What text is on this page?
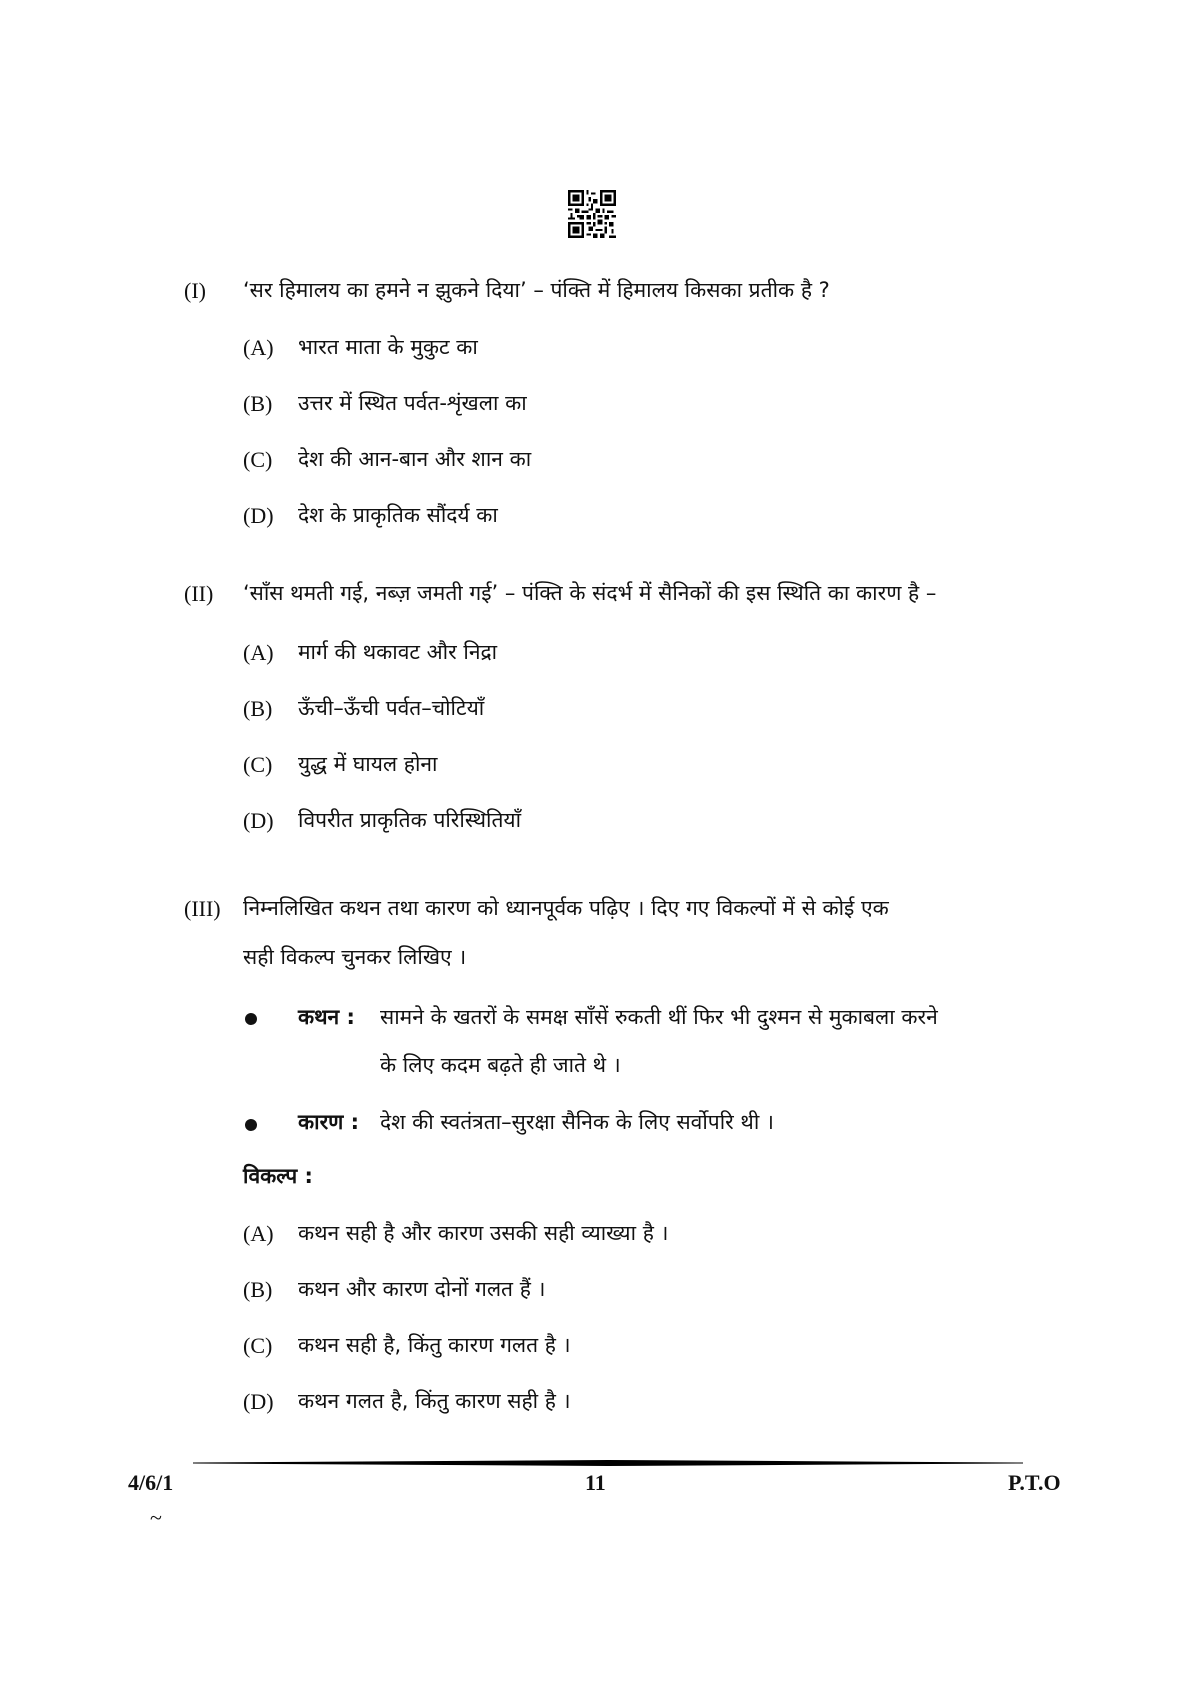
(I) ‘सर हिमालय का हमने न झुकने दिया’ – पंक्ति में हिमालय किसका प्रतीक है ?
(A) भारत माता के मुकुट का
(B) उत्तर में स्थित पर्वत-शृंखला का
(C) देश की आन-बान और शान का
(D) देश के प्राकृतिक सौंदर्य का
(II) ‘साँस थमती गई, नब्ज़ जमती गई’ – पंक्ति के संदर्भ में सैनिकों की इस स्थिति का कारण है –
(A) मार्ग की थकावट और निद्रा
(B) ऊँची–ऊँची पर्वत–चोटियाँ
(C) युद्ध में घायल होना
(D) विपरीत प्राकृतिक परिस्थितियाँ
(III) निम्नलिखित कथन तथा कारण को ध्यानपूर्वक पढ़िए । दिए गए विकल्पों में से कोई एक
सही विकल्प चुनकर लिखिए ।
कथन : सामने के खतरों के समक्ष साँसें रुकती थीं फिर भी दुश्मन से मुकाबला करने
के लिए कदम बढ़ते ही जाते थे ।
कारण : देश की स्वतंत्रता–सुरक्षा सैनिक के लिए सर्वोपरि थी ।
विकल्प :
(A) कथन सही है और कारण उसकी सही व्याख्या है ।
(B) कथन और कारण दोनों गलत हैं ।
(C) कथन सही है, किंतु कारण गलत है ।
(D) कथन गलत है, किंतु कारण सही है ।
4/6/1	11	P.T.O
~
